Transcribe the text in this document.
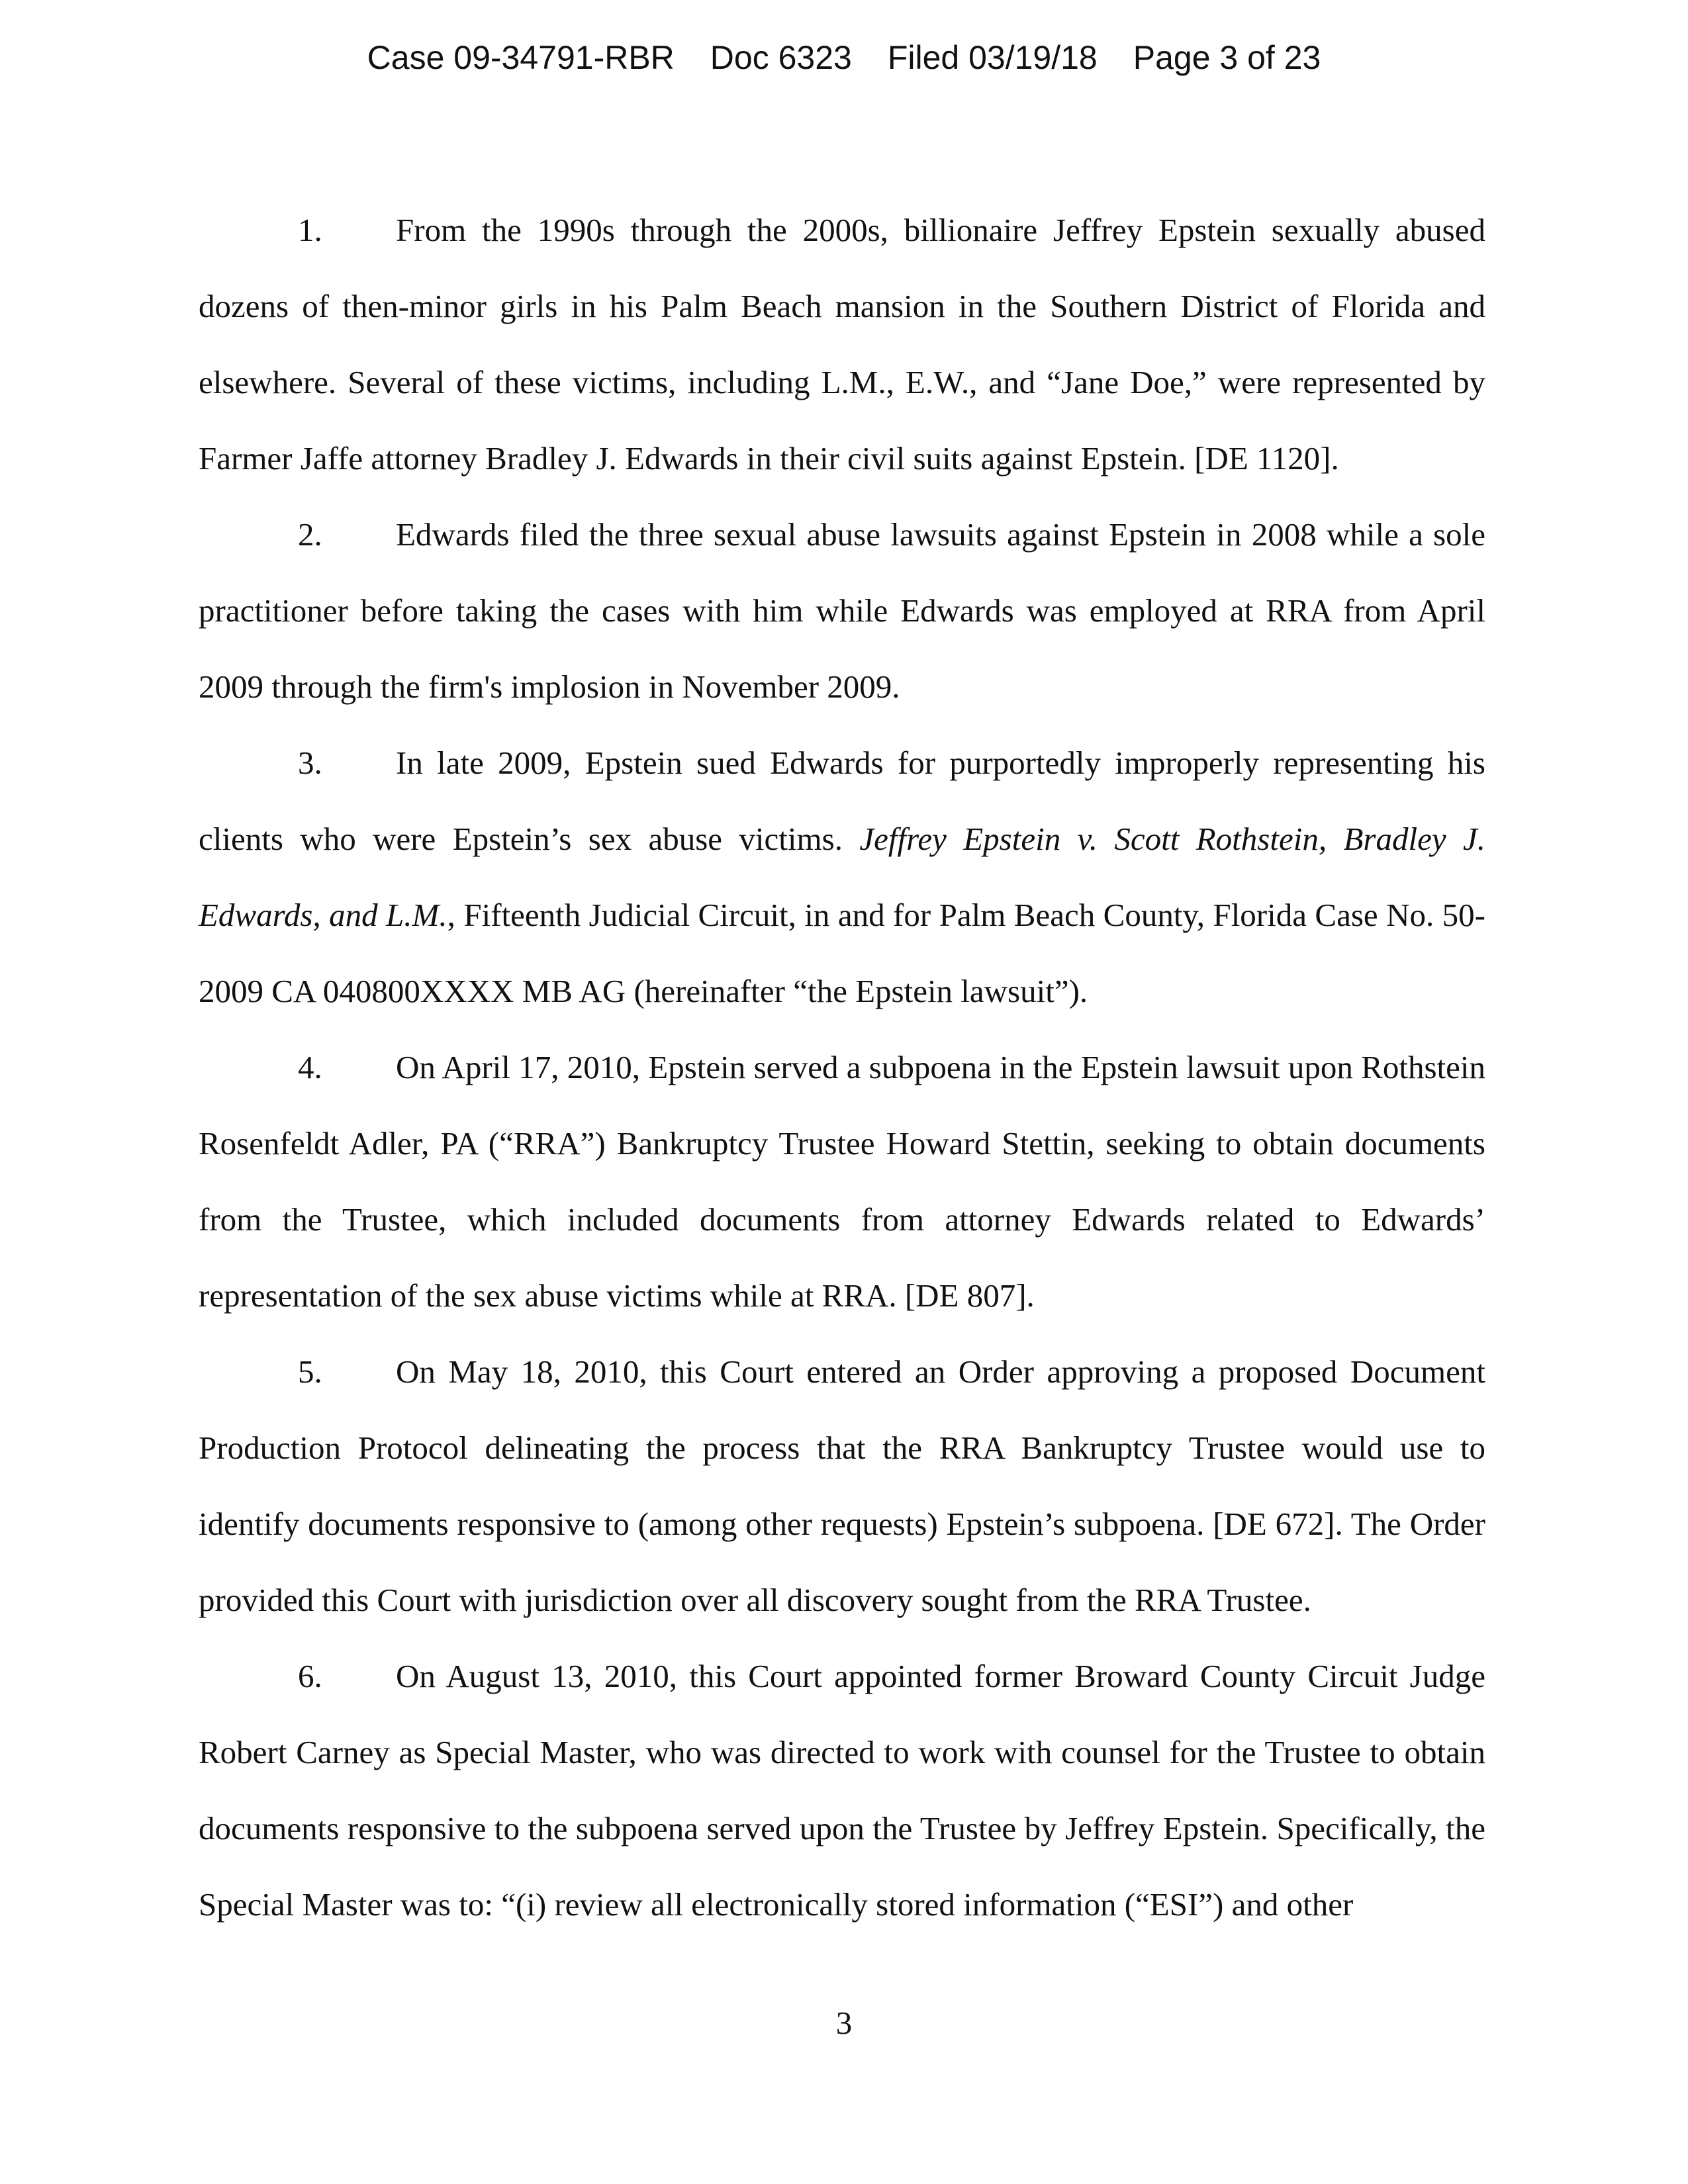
Case 09-34791-RBR Doc 6323 Filed 03/19/18 Page 3 of 23

1. From the 1990s through the 2000s, billionaire Jeffrey Epstein sexually abused dozens of then-minor girls in his Palm Beach mansion in the Southern District of Florida and elsewhere. Several of these victims, including L.M., E.W., and “Jane Doe,” were represented by Farmer Jaffe attorney Bradley J. Edwards in their civil suits against Epstein. [DE 1120].

2. Edwards filed the three sexual abuse lawsuits against Epstein in 2008 while a sole practitioner before taking the cases with him while Edwards was employed at RRA from April 2009 through the firm's implosion in November 2009.

3. In late 2009, Epstein sued Edwards for purportedly improperly representing his clients who were Epstein’s sex abuse victims. Jeffrey Epstein v. Scott Rothstein, Bradley J. Edwards, and L.M., Fifteenth Judicial Circuit, in and for Palm Beach County, Florida Case No. 50-2009 CA 040800XXXX MB AG (hereinafter “the Epstein lawsuit”).

4. On April 17, 2010, Epstein served a subpoena in the Epstein lawsuit upon Rothstein Rosenfeldt Adler, PA (“RRA”) Bankruptcy Trustee Howard Stettin, seeking to obtain documents from the Trustee, which included documents from attorney Edwards related to Edwards’ representation of the sex abuse victims while at RRA. [DE 807].

5. On May 18, 2010, this Court entered an Order approving a proposed Document Production Protocol delineating the process that the RRA Bankruptcy Trustee would use to identify documents responsive to (among other requests) Epstein’s subpoena. [DE 672]. The Order provided this Court with jurisdiction over all discovery sought from the RRA Trustee.

6. On August 13, 2010, this Court appointed former Broward County Circuit Judge Robert Carney as Special Master, who was directed to work with counsel for the Trustee to obtain documents responsive to the subpoena served upon the Trustee by Jeffrey Epstein. Specifically, the Special Master was to: “(i) review all electronically stored information (“ESI”) and other

3
